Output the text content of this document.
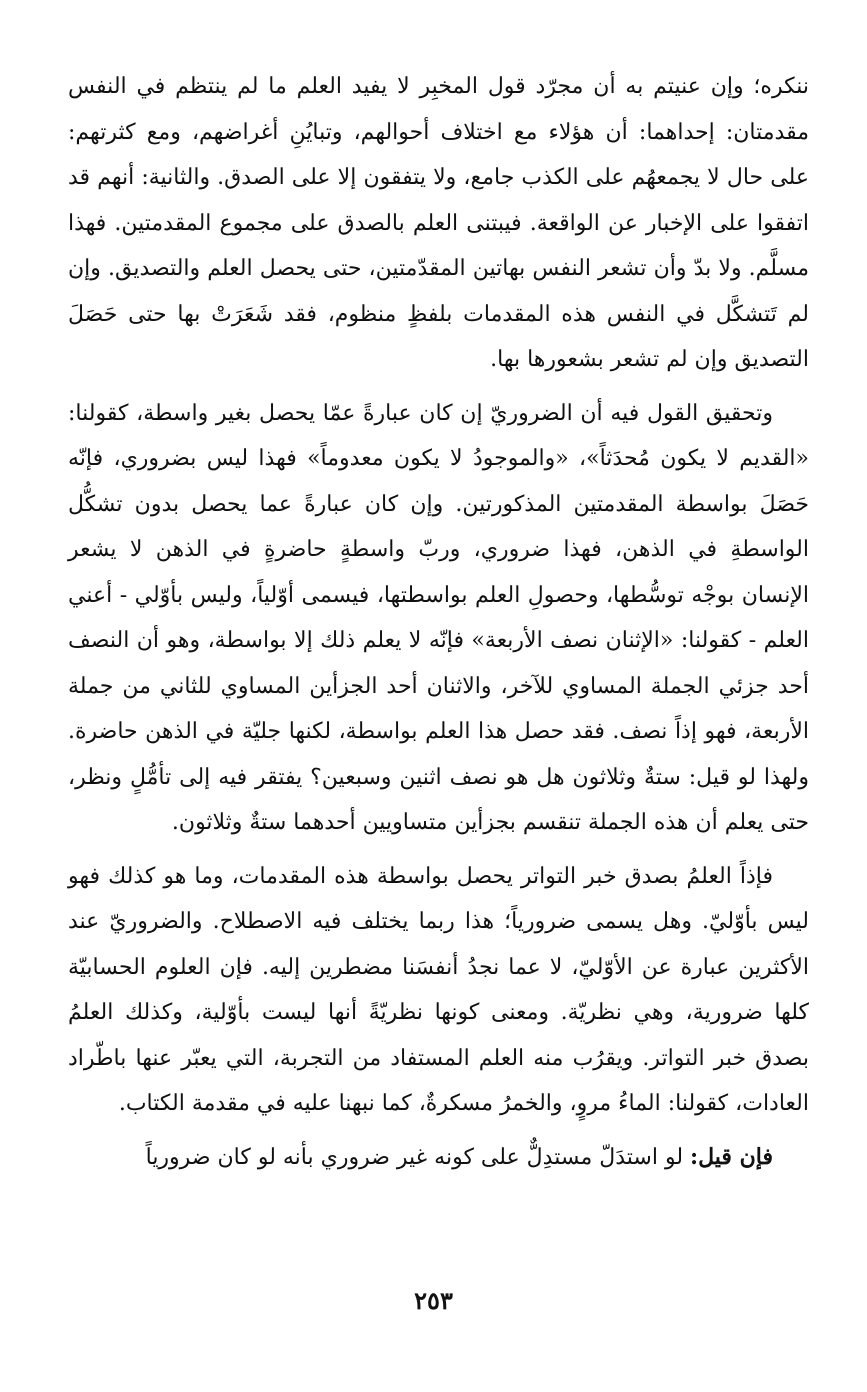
ننكره؛ وإن عنيتم به أن مجرّد قول المخبِر لا يفيد العلم ما لم ينتظم في النفس مقدمتان: إحداهما: أن هؤلاء مع اختلاف أحوالهم، وتبايُنِ أغراضهم، ومع كثرتهم: على حال لا يجمعهُم على الكذب جامع، ولا يتفقون إلا على الصدق. والثانية: أنهم قد اتفقوا على الإخبار عن الواقعة. فيبتنى العلم بالصدق على مجموع المقدمتين. فهذا مسلَّم. ولا بدّ وأن تشعر النفس بهاتين المقدّمتين، حتى يحصل العلم والتصديق. وإن لم تَتشكَّل في النفس هذه المقدمات بلفظٍ منظوم، فقد شَعَرَتْ بها حتى حَصَلَ التصديق وإن لم تشعر بشعورها بها.

وتحقيق القول فيه أن الضروريّ إن كان عبارةً عمّا يحصل بغير واسطة، كقولنا: «القديم لا يكون مُحدَثاً»، «والموجودُ لا يكون معدوماً» فهذا ليس بضروري، فإنّه حَصَلَ بواسطة المقدمتين المذكورتين. وإن كان عبارةً عما يحصل بدون تشكُّل الواسطةِ في الذهن، فهذا ضروري، وربّ واسطةٍ حاضرةٍ في الذهن لا يشعر الإنسان بوجْه توسُّطها، وحصولِ العلم بواسطتها، فيسمى أوّلياً، وليس بأوّلي - أعني العلم - كقولنا: «الإثنان نصف الأربعة» فإنّه لا يعلم ذلك إلا بواسطة، وهو أن النصف أحد جزئي الجملة المساوي للآخر، والاثنان أحد الجزأين المساوي للثاني من جملة الأربعة، فهو إذاً نصف. فقد حصل هذا العلم بواسطة، لكنها جليّة في الذهن حاضرة. ولهذا لو قيل: ستةٌ وثلاثون هل هو نصف اثنين وسبعين؟ يفتقر فيه إلى تأمُّلٍ ونظر، حتى يعلم أن هذه الجملة تنقسم بجزأين متساويين أحدهما ستةٌ وثلاثون.

فإذاً العلمُ بصدق خبر التواتر يحصل بواسطة هذه المقدمات، وما هو كذلك فهو ليس بأوّليّ. وهل يسمى ضرورياً؛ هذا ربما يختلف فيه الاصطلاح. والضروريّ عند الأكثرين عبارة عن الأوّليّ، لا عما نجدُ أنفسَنا مضطرين إليه. فإن العلوم الحسابيّة كلها ضرورية، وهي نظريّة. ومعنى كونها نظريّةً أنها ليست بأوّلية، وكذلك العلمُ بصدق خبر التواتر. ويقرُب منه العلم المستفاد من التجربة، التي يعبّر عنها باطّراد العادات، كقولنا: الماءُ مروٍ، والخمرُ مسكرةٌ، كما نبهنا عليه في مقدمة الكتاب.

فإن قيل: لو استدَلّ مستدِلٌّ على كونه غير ضروري بأنه لو كان ضرورياً

٢٥٣
